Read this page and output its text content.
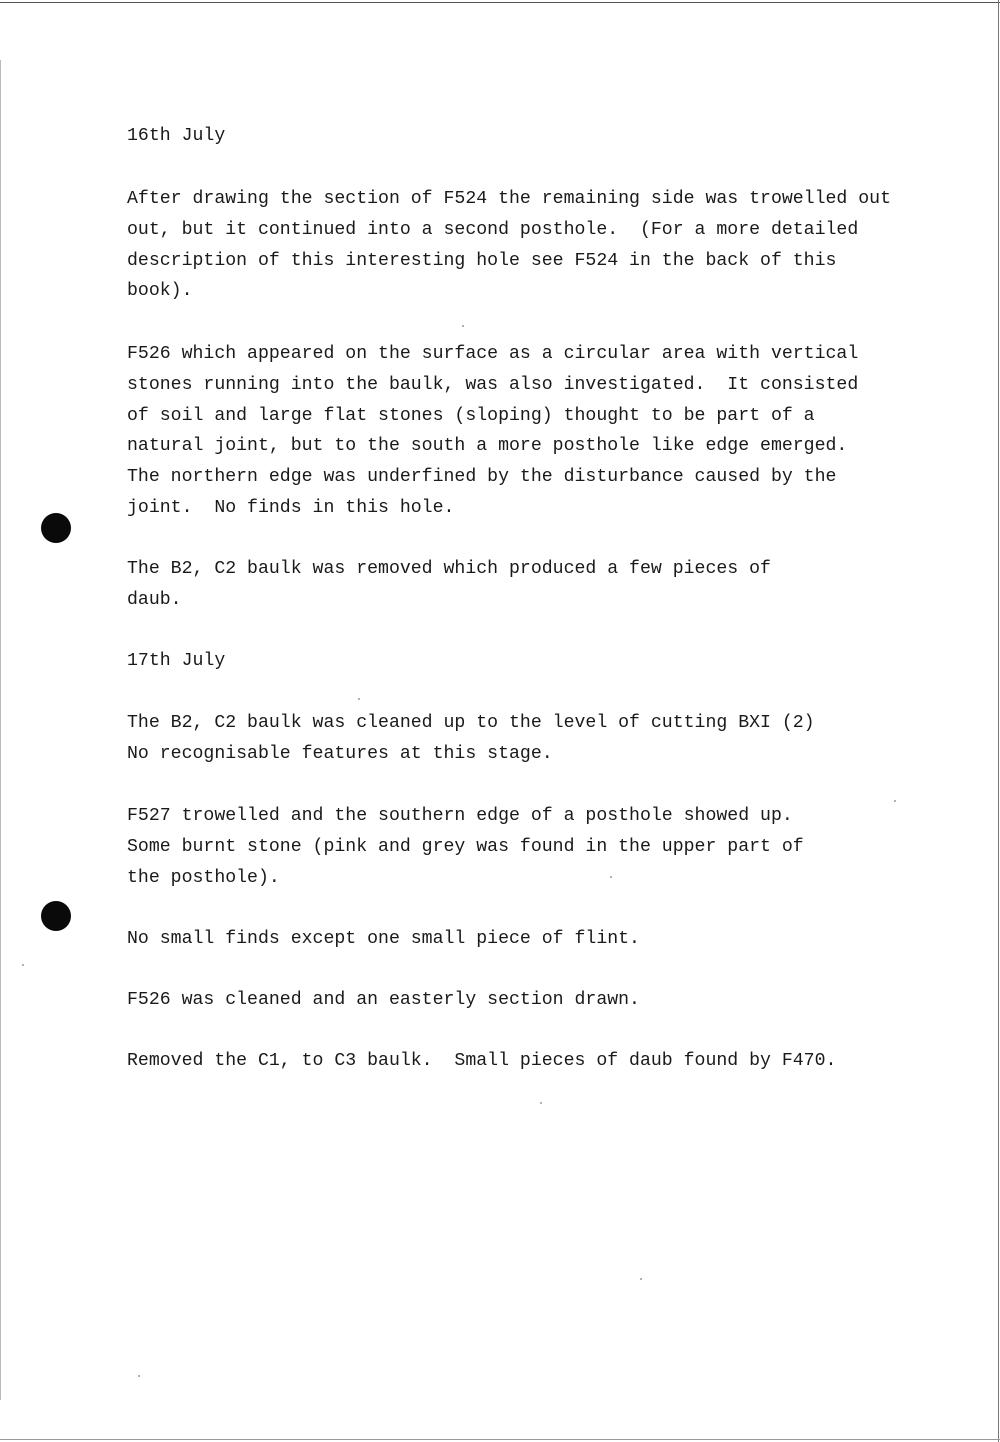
16th July

After drawing the section of F524 the remaining side was trowelled out
out, but it continued into a second posthole.  (For a more detailed
description of this interesting hole see F524 in the back of this
book).

F526 which appeared on the surface as a circular area with vertical
stones running into the baulk, was also investigated.  It consisted
of soil and large flat stones (sloping) thought to be part of a
natural joint, but to the south a more posthole like edge emerged.
The northern edge was underfined by the disturbance caused by the
joint.  No finds in this hole.

The B2, C2 baulk was removed which produced a few pieces of
daub.

17th July

The B2, C2 baulk was cleaned up to the level of cutting BXI (2)
No recognisable features at this stage.

F527 trowelled and the southern edge of a posthole showed up.
Some burnt stone (pink and grey was found in the upper part of
the posthole).

No small finds except one small piece of flint.

F526 was cleaned and an easterly section drawn.

Removed the C1, to C3 baulk.  Small pieces of daub found by F470.
